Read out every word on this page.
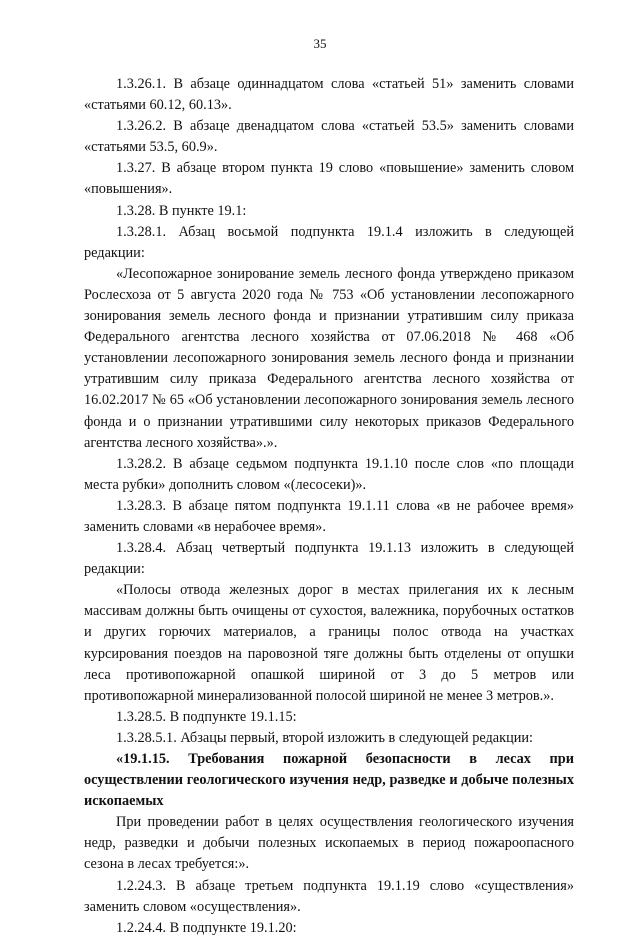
35

1.3.26.1. В абзаце одиннадцатом слова «статьей 51» заменить словами «статьями 60.12, 60.13».

1.3.26.2. В абзаце двенадцатом слова «статьей 53.5» заменить словами «статьями 53.5, 60.9».

1.3.27. В абзаце втором пункта 19 слово «повышение» заменить словом «повышения».

1.3.28. В пункте 19.1:

1.3.28.1. Абзац восьмой подпункта 19.1.4 изложить в следующей редакции:

«Лесопожарное зонирование земель лесного фонда утверждено приказом Рослесхоза от 5 августа 2020 года № 753 «Об установлении лесопожарного зонирования земель лесного фонда и признании утратившим силу приказа Федерального агентства лесного хозяйства от 07.06.2018 № 468 «Об установлении лесопожарного зонирования земель лесного фонда и признании утратившим силу приказа Федерального агентства лесного хозяйства от 16.02.2017 № 65 «Об установлении лесопожарного зонирования земель лесного фонда и о признании утратившими силу некоторых приказов Федерального агентства лесного хозяйства».».

1.3.28.2. В абзаце седьмом подпункта 19.1.10 после слов «по площади места рубки» дополнить словом «(лесосеки)».

1.3.28.3. В абзаце пятом подпункта 19.1.11 слова «в не рабочее время» заменить словами «в нерабочее время».

1.3.28.4. Абзац четвертый подпункта 19.1.13 изложить в следующей редакции:

«Полосы отвода железных дорог в местах прилегания их к лесным массивам должны быть очищены от сухостоя, валежника, порубочных остатков и других горючих материалов, а границы полос отвода на участках курсирования поездов на паровозной тяге должны быть отделены от опушки леса противопожарной опашкой шириной от 3 до 5 метров или противопожарной минерализованной полосой шириной не менее 3 метров.».

1.3.28.5. В подпункте 19.1.15:

1.3.28.5.1. Абзацы первый, второй изложить в следующей редакции:

«19.1.15. Требования пожарной безопасности в лесах при осуществлении геологического изучения недр, разведке и добыче полезных ископаемых

При проведении работ в целях осуществления геологического изучения недр, разведки и добычи полезных ископаемых в период пожароопасного сезона в лесах требуется:».

1.2.24.3. В абзаце третьем подпункта 19.1.19 слово «существления» заменить словом «осуществления».

1.2.24.4. В подпункте 19.1.20:
